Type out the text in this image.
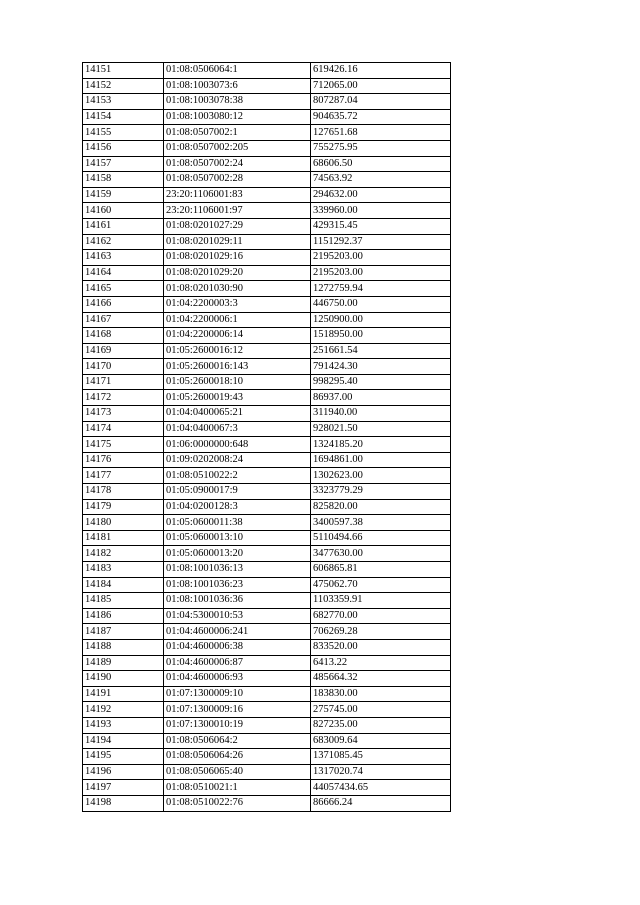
14151	01:08:0506064:1	619426.16
14152	01:08:1003073:6	712065.00
14153	01:08:1003078:38	807287.04
14154	01:08:1003080:12	904635.72
14155	01:08:0507002:1	127651.68
14156	01:08:0507002:205	755275.95
14157	01:08:0507002:24	68606.50
14158	01:08:0507002:28	74563.92
14159	23:20:1106001:83	294632.00
14160	23:20:1106001:97	339960.00
14161	01:08:0201027:29	429315.45
14162	01:08:0201029:11	1151292.37
14163	01:08:0201029:16	2195203.00
14164	01:08:0201029:20	2195203.00
14165	01:08:0201030:90	1272759.94
14166	01:04:2200003:3	446750.00
14167	01:04:2200006:1	1250900.00
14168	01:04:2200006:14	1518950.00
14169	01:05:2600016:12	251661.54
14170	01:05:2600016:143	791424.30
14171	01:05:2600018:10	998295.40
14172	01:05:2600019:43	86937.00
14173	01:04:0400065:21	311940.00
14174	01:04:0400067:3	928021.50
14175	01:06:0000000:648	1324185.20
14176	01:09:0202008:24	1694861.00
14177	01:08:0510022:2	1302623.00
14178	01:05:0900017:9	3323779.29
14179	01:04:0200128:3	825820.00
14180	01:05:0600011:38	3400597.38
14181	01:05:0600013:10	5110494.66
14182	01:05:0600013:20	3477630.00
14183	01:08:1001036:13	606865.81
14184	01:08:1001036:23	475062.70
14185	01:08:1001036:36	1103359.91
14186	01:04:5300010:53	682770.00
14187	01:04:4600006:241	706269.28
14188	01:04:4600006:38	833520.00
14189	01:04:4600006:87	6413.22
14190	01:04:4600006:93	485664.32
14191	01:07:1300009:10	183830.00
14192	01:07:1300009:16	275745.00
14193	01:07:1300010:19	827235.00
14194	01:08:0506064:2	683009.64
14195	01:08:0506064:26	1371085.45
14196	01:08:0506065:40	1317020.74
14197	01:08:0510021:1	44057434.65
14198	01:08:0510022:76	86666.24
